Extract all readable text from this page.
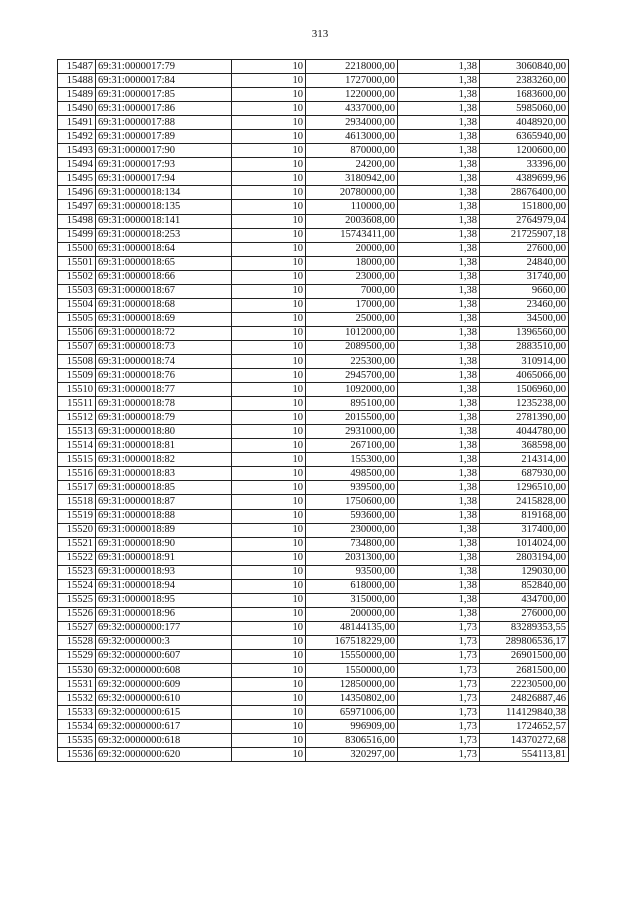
313
15487	69:31:0000017:79	10	2218000,00	1,38	3060840,00
15488	69:31:0000017:84	10	1727000,00	1,38	2383260,00
15489	69:31:0000017:85	10	1220000,00	1,38	1683600,00
15490	69:31:0000017:86	10	4337000,00	1,38	5985060,00
15491	69:31:0000017:88	10	2934000,00	1,38	4048920,00
15492	69:31:0000017:89	10	4613000,00	1,38	6365940,00
15493	69:31:0000017:90	10	870000,00	1,38	1200600,00
15494	69:31:0000017:93	10	24200,00	1,38	33396,00
15495	69:31:0000017:94	10	3180942,00	1,38	4389699,96
15496	69:31:0000018:134	10	20780000,00	1,38	28676400,00
15497	69:31:0000018:135	10	110000,00	1,38	151800,00
15498	69:31:0000018:141	10	2003608,00	1,38	2764979,04
15499	69:31:0000018:253	10	15743411,00	1,38	21725907,18
15500	69:31:0000018:64	10	20000,00	1,38	27600,00
15501	69:31:0000018:65	10	18000,00	1,38	24840,00
15502	69:31:0000018:66	10	23000,00	1,38	31740,00
15503	69:31:0000018:67	10	7000,00	1,38	9660,00
15504	69:31:0000018:68	10	17000,00	1,38	23460,00
15505	69:31:0000018:69	10	25000,00	1,38	34500,00
15506	69:31:0000018:72	10	1012000,00	1,38	1396560,00
15507	69:31:0000018:73	10	2089500,00	1,38	2883510,00
15508	69:31:0000018:74	10	225300,00	1,38	310914,00
15509	69:31:0000018:76	10	2945700,00	1,38	4065066,00
15510	69:31:0000018:77	10	1092000,00	1,38	1506960,00
15511	69:31:0000018:78	10	895100,00	1,38	1235238,00
15512	69:31:0000018:79	10	2015500,00	1,38	2781390,00
15513	69:31:0000018:80	10	2931000,00	1,38	4044780,00
15514	69:31:0000018:81	10	267100,00	1,38	368598,00
15515	69:31:0000018:82	10	155300,00	1,38	214314,00
15516	69:31:0000018:83	10	498500,00	1,38	687930,00
15517	69:31:0000018:85	10	939500,00	1,38	1296510,00
15518	69:31:0000018:87	10	1750600,00	1,38	2415828,00
15519	69:31:0000018:88	10	593600,00	1,38	819168,00
15520	69:31:0000018:89	10	230000,00	1,38	317400,00
15521	69:31:0000018:90	10	734800,00	1,38	1014024,00
15522	69:31:0000018:91	10	2031300,00	1,38	2803194,00
15523	69:31:0000018:93	10	93500,00	1,38	129030,00
15524	69:31:0000018:94	10	618000,00	1,38	852840,00
15525	69:31:0000018:95	10	315000,00	1,38	434700,00
15526	69:31:0000018:96	10	200000,00	1,38	276000,00
15527	69:32:0000000:177	10	48144135,00	1,73	83289353,55
15528	69:32:0000000:3	10	167518229,00	1,73	289806536,17
15529	69:32:0000000:607	10	15550000,00	1,73	26901500,00
15530	69:32:0000000:608	10	1550000,00	1,73	2681500,00
15531	69:32:0000000:609	10	12850000,00	1,73	22230500,00
15532	69:32:0000000:610	10	14350802,00	1,73	24826887,46
15533	69:32:0000000:615	10	65971006,00	1,73	114129840,38
15534	69:32:0000000:617	10	996909,00	1,73	1724652,57
15535	69:32:0000000:618	10	8306516,00	1,73	14370272,68
15536	69:32:0000000:620	10	320297,00	1,73	554113,81
